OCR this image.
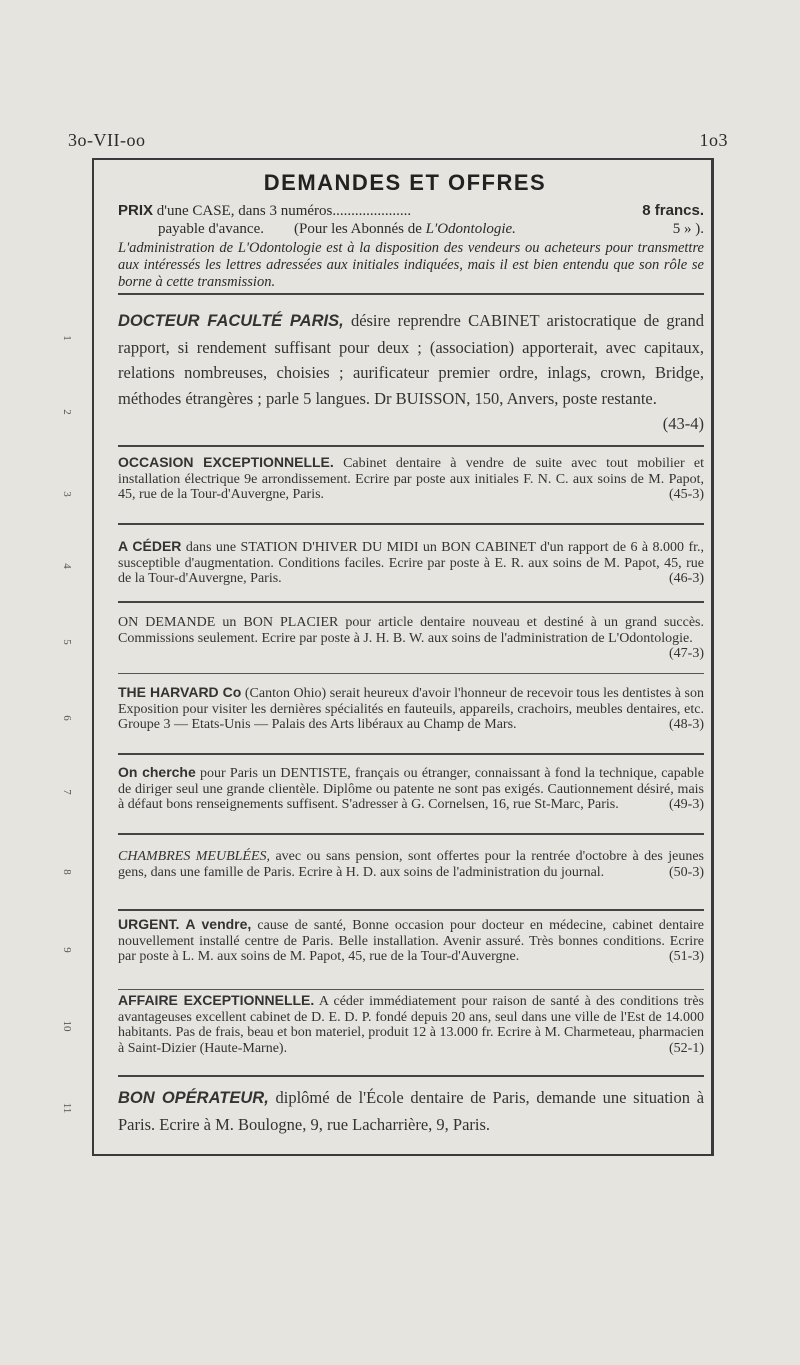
3o-VII-oo	1o3
1
2
3
4
5
6
7
8
9
10
11
DEMANDES ET OFFRES
PRIX d'une CASE, dans 3 numéros.....................	8 francs.
payable d'avance. (Pour les Abonnés de L'Odontologie.	5 » ).
L'administration de L'Odontologie est à la disposition des vendeurs ou acheteurs pour transmettre aux intéressés les lettres adressées aux initiales indiquées, mais il est bien entendu que son rôle se borne à cette transmission.

DOCTEUR FACULTÉ PARIS, désire reprendre CABINET aristocratique de grand rapport, si rendement suffisant pour deux ; (association) apporterait, avec capitaux, relations nombreuses, choisies ; aurificateur premier ordre, inlags, crown, Bridge, méthodes étrangères ; parle 5 langues. Dr BUISSON, 150, Anvers, poste restante.
(43-4)

OCCASION EXCEPTIONNELLE. Cabinet dentaire à vendre de suite avec tout mobilier et installation électrique 9e arrondissement. Ecrire par poste aux initiales F. N. C. aux soins de M. Papot, 45, rue de la Tour-d'Auvergne, Paris.	(45-3)

A CÉDER dans une STATION D'HIVER DU MIDI un BON CABINET d'un rapport de 6 à 8.000 fr., susceptible d'augmentation. Conditions faciles. Ecrire par poste à E. R. aux soins de M. Papot, 45, rue de la Tour-d'Auvergne, Paris.	(46-3)

ON DEMANDE un BON PLACIER pour article dentaire nouveau et destiné à un grand succès. Commissions seulement. Ecrire par poste à J. H. B. W. aux soins de l'administration de L'Odontologie.
(47-3)

THE HARVARD Co (Canton Ohio) serait heureux d'avoir l'honneur de recevoir tous les dentistes à son Exposition pour visiter les dernières spécialités en fauteuils, appareils, crachoirs, meubles dentaires, etc. Groupe 3 — Etats-Unis — Palais des Arts libéraux au Champ de Mars.	(48-3)

On cherche pour Paris un DENTISTE, français ou étranger, connaissant à fond la technique, capable de diriger seul une grande clientèle. Diplôme ou patente ne sont pas exigés. Cautionnement désiré, mais à défaut bons renseignements suffisent. S'adresser à G. Cornelsen, 16, rue St-Marc, Paris.	(49-3)

CHAMBRES MEUBLÉES, avec ou sans pension, sont offertes pour la rentrée d'octobre à des jeunes gens, dans une famille de Paris. Ecrire à H. D. aux soins de l'administration du journal.	(50-3)

URGENT. A vendre, cause de santé, Bonne occasion pour docteur en médecine, cabinet dentaire nouvellement installé centre de Paris. Belle installation. Avenir assuré. Très bonnes conditions. Ecrire par poste à L. M. aux soins de M. Papot, 45, rue de la Tour-d'Auvergne.	(51-3)

AFFAIRE EXCEPTIONNELLE. A céder immédiatement pour raison de santé à des conditions très avantageuses excellent cabinet de D. E. D. P. fondé depuis 20 ans, seul dans une ville de l'Est de 14.000 habitants. Pas de frais, beau et bon materiel, produit 12 à 13.000 fr. Ecrire à M. Charmeteau, pharmacien à Saint-Dizier (Haute-Marne).	(52-1)

BON OPÉRATEUR, diplômé de l'École dentaire de Paris, demande une situation à Paris. Ecrire à M. Boulogne, 9, rue Lacharrière, 9, Paris.
